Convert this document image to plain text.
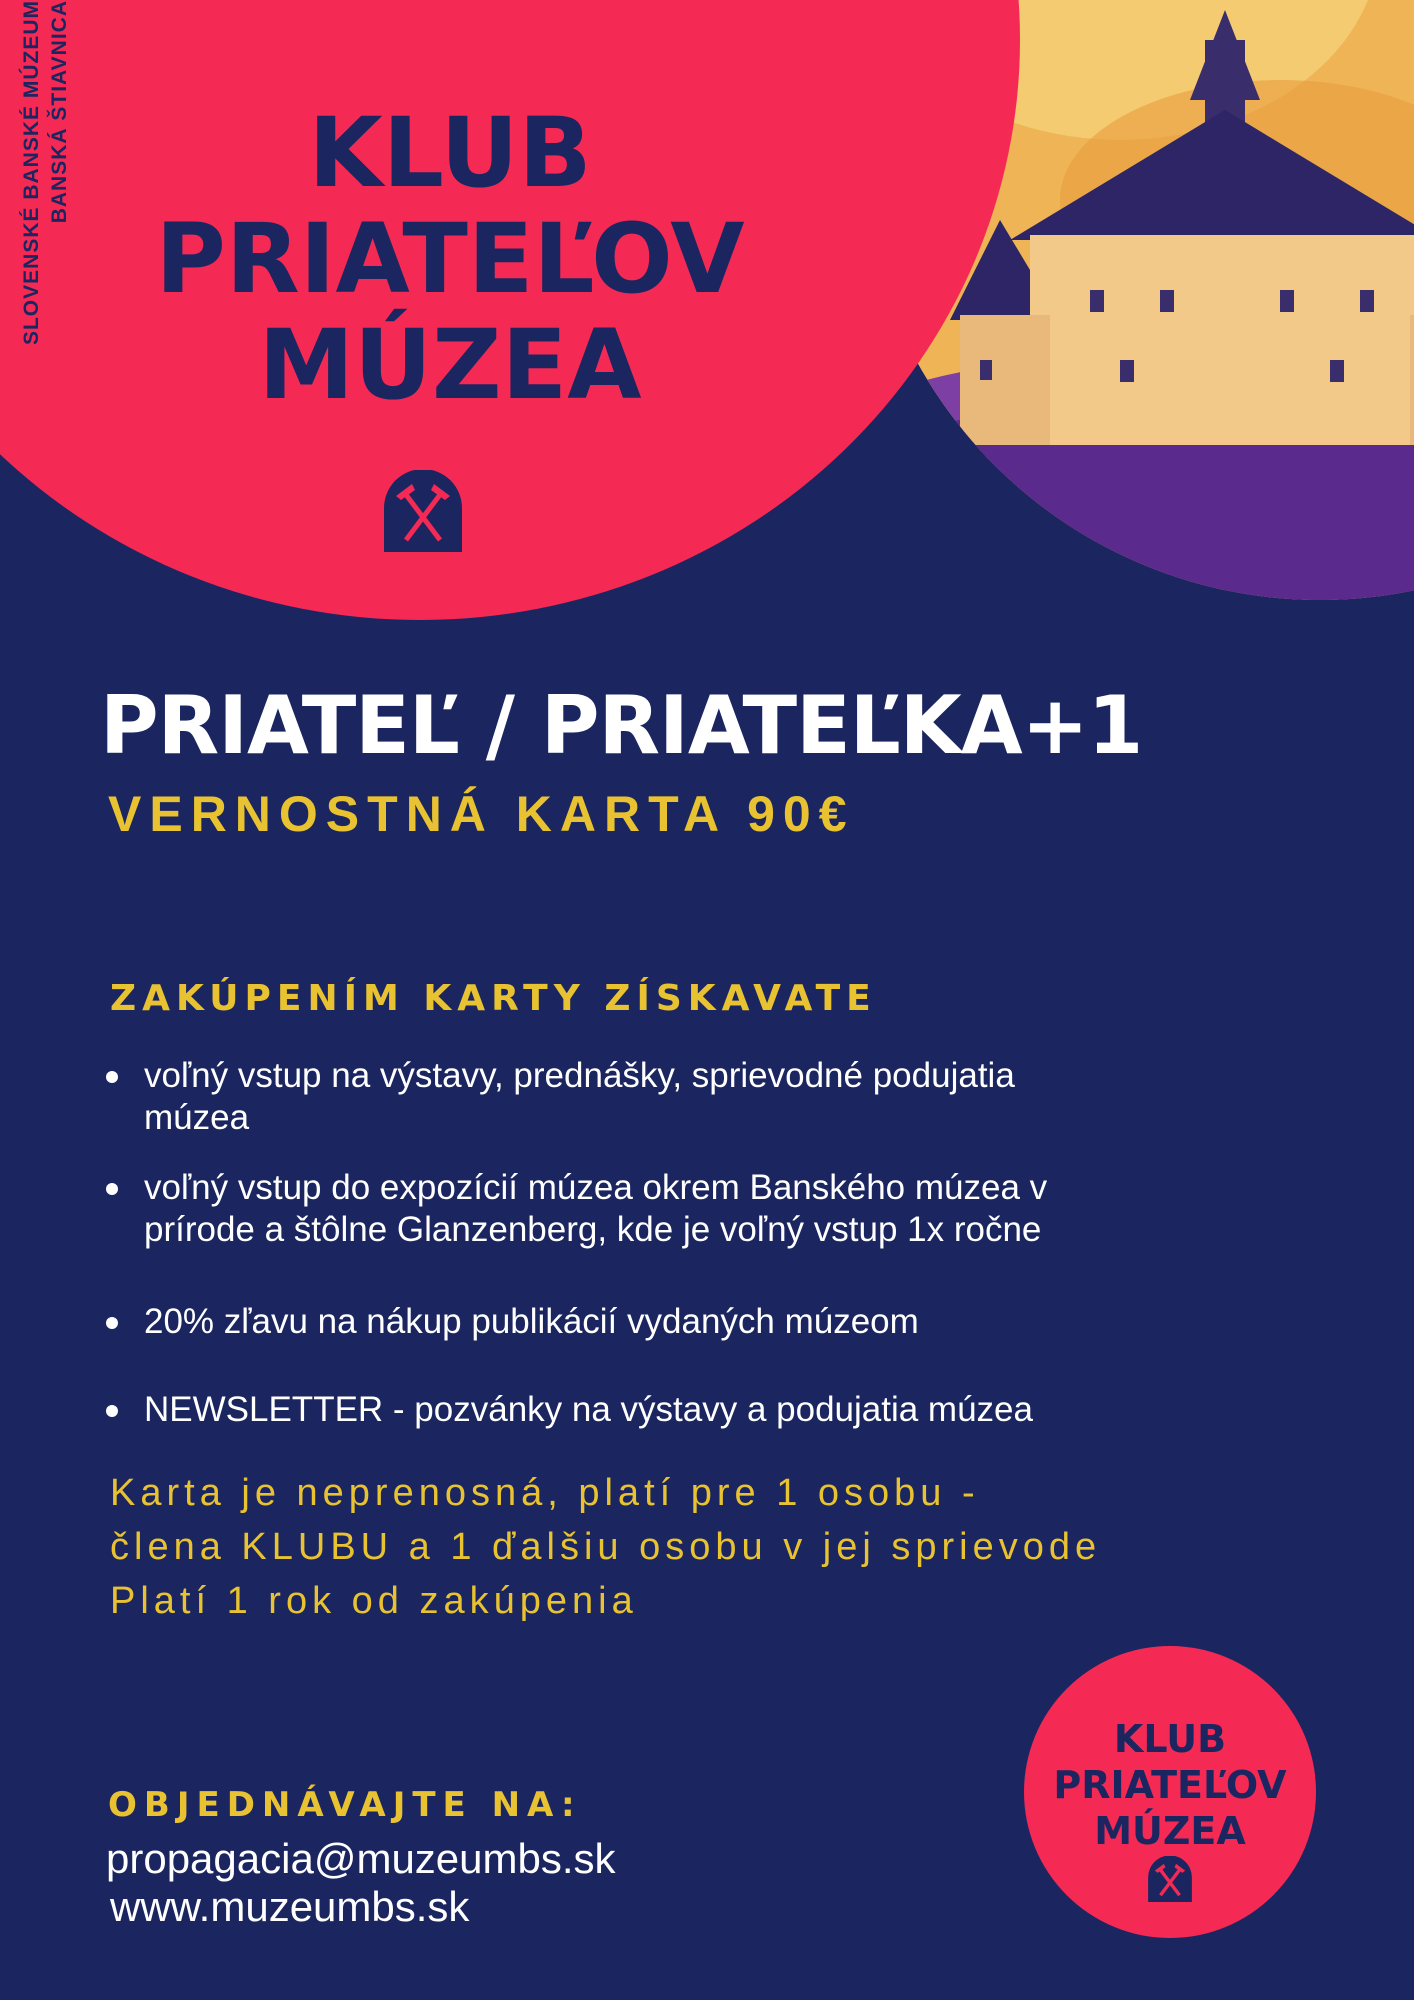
SLOVENSKÉ BANSKÉ MÚZEUM BANSKÁ ŠTIAVNICA	KLUB
PRIATEĽOV
MÚZEA
PRIATEĽ / PRIATEĽKA+1
VERNOSTNÁ KARTA 90€
ZAKÚPENÍM KARTY ZÍSKAVATE
voľný vstup na výstavy, prednášky, sprievodné podujatia
múzea
voľný vstup do expozícií múzea okrem Banského múzea v
prírode a štôlne Glanzenberg, kde je voľný vstup 1x ročne
20% zľavu na nákup publikácií vydaných múzeom
NEWSLETTER - pozvánky na výstavy a podujatia múzea
Karta je neprenosná, platí pre 1 osobu -
člena KLUBU a 1 ďalšiu osobu v jej sprievode
Platí 1 rok od zakúpenia
OBJEDNÁVAJTE NA:
propagacia@muzeumbs.sk
www.muzeumbs.sk
KLUB
PRIATEĽOV
MÚZEA
